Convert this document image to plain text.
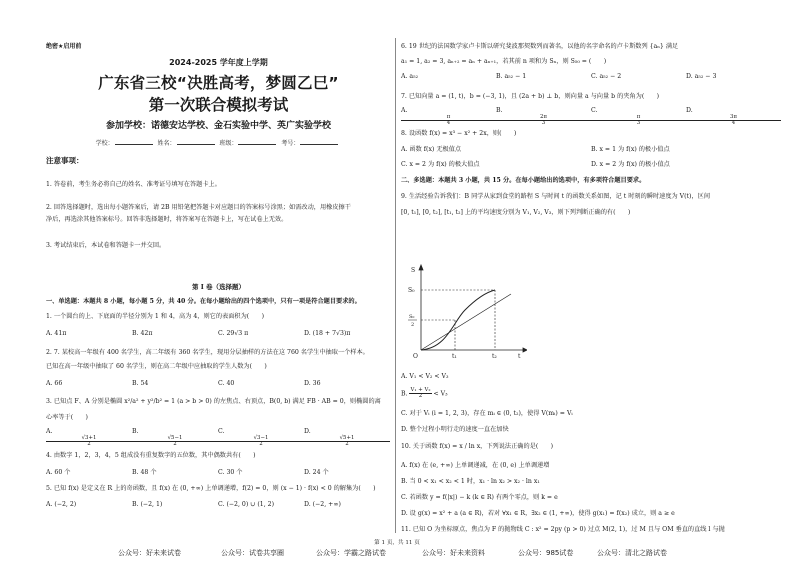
绝密★启用前
2024-2025 学年度上学期
广东省三校“决胜高考，梦圆乙巳”
第一次联合模拟考试
参加学校：诺德安达学校、金石实验中学、英广实验学校
学校：	姓名：	班级：	考号：
注意事项：
1. 答卷前，考生务必将自己的姓名、准考证号填写在答题卡上。
2. 回答选择题时，选出每小题答案后，请 2B 用铅笔把答题卡对应题目的答案标号涂黑；如需改动，用橡皮擦干
净后，再选涂其他答案标号。回答非选择题时，将答案写在答题卡上，写在试卷上无效。
3. 考试结束后，本试卷和答题卡一并交回。
第 I 卷（选择题）
一、单选题：本题共 8 小题，每小题 5 分，共 40 分。在每小题给出的四个选项中，只有一项是符合题目要求的。
1. 一个圆台的上、下底面的半径分别为 1 和 4，高为 4，则它的表面积为(　　)
A. 41π	B. 42π	C. 29√3 π	D. (18 + 7√3)π
2. 7. 某校高一年级有 400 名学生，高二年级有 360 名学生，现用分层抽样的方法在这 760 名学生中抽取一个样本。
已知在高一年级中抽取了 60 名学生，则在高二年级中应抽取的学生人数为(　　)
A. 66	B. 54	C. 40	D. 36
3. 已知点 F、A 分别是椭圆 x²/a² + y²/b² = 1 (a > b > 0) 的左焦点、右顶点，B(0, b) 满足 FB · AB = 0，则椭圆的离
心率等于(　　)
A.
$\frac{√3+1}{2}$
B.
$\frac{√5-1}{2}$
C.
$\frac{√3-1}{2}$
D.
$\frac{√5+1}{2}$
4. 由数字 1，2，3，4，5 组成没有重复数字的五位数，其中偶数共有(　　)
A. 60 个	B. 48 个	C. 30 个	D. 24 个
5. 已知 f(x) 是定义在 R 上的奇函数，且 f(x) 在 (0, +∞) 上单调递增，f(2) = 0，则 (x − 1) · f(x) < 0 的解集为(　　)
A. (−2, 2)	B. (−2, 1)	C. (−2, 0) ∪ (1, 2)	D. (−2, +∞)
6. 19 世纪的法国数学家卢卡斯以研究斐波那契数列而著名，以他的名字命名的卢卡斯数列 {aₙ} 满足
a₁ = 1, a₂ = 3, aₙ₊₂ = aₙ + aₙ₊₁，若其前 n 项和为 Sₙ，则 S₅₀ = (　　)
A. a₅₂	B. a₅₂ − 1	C. a₅₂ − 2	D. a₅₂ − 3
7. 已知向量 a = (1, t)，b = (−3, 1)，且 (2a + b) ⊥ b，则向量 a 与向量 b 的夹角为(　　)
A.
$\frac{\pi}{4}$
B.
$\frac{2\pi}{3}$
C.
$\frac{\pi}{3}$
D.
$\frac{3\pi}{4}$
8. 设函数 f(x) = x³ − x² + 2x，则(　　)
A. 函数 f(x) 无极值点	B. x = 1 为 f(x) 的极小值点
C. x = 2 为 f(x) 的极大值点	D. x = 2 为 f(x) 的极小值点
二、多选题：本题共 3 小题，共 15 分。在每小题给出的选项中，有多项符合题目要求。
9. 生活经验告诉我们：B 同学从家到食堂的路程 S 与时间 t 的函数关系如图，记 t 时刻的瞬时速度为 V(t)，区间
[0, t₁], [0, t₂], [t₁, t₂] 上的平均速度分别为 V₁, V₂, V₃，则下列判断正确的有(　　)
S
S₀
S₀
2
O	t₁	t₂	t
A. V₁ < V₂ < V₃
B. $\frac{\text{V₁ + V₂}}{2} < V_3$
C. 对于 Vᵢ (i = 1, 2, 3)，存在 mᵢ ∈ (0, t₂)，使得 V(mᵢ) = Vᵢ
D. 整个过程小明行走的速度一直在加快
10. 关于函数 f(x) = x / ln x，下列说法正确的是(　　)
A. f(x) 在 (e, +∞) 上单调递减，在 (0, e) 上单调递增
B. 当 0 < x₁ < x₂ < 1 时，x₁ · ln x₂ > x₂ · ln x₁
C. 若函数 y = f(|x|) − k (k ∈ R) 有两个零点，则 k = e
D. 设 g(x) = x² + a (a ∈ R)，若对 ∀x₁ ∈ R，∃x₂ ∈ (1, +∞)，使得 g(x₁) = f(x₂) 成立，则 a ≥ e
11. 已知 O 为坐标原点，焦点为 F 的抛物线 C : x² = 2py (p > 0) 过点 M(2, 1)，过 M 且与 OM 垂直的直线 l 与抛
第 1 页，共 11 页
公众号：好未来试卷	公众号：试卷共享圈	公众号：学霸之路试卷	公众号：好未来资料	公众号：985试卷	公众号：清北之路试卷
